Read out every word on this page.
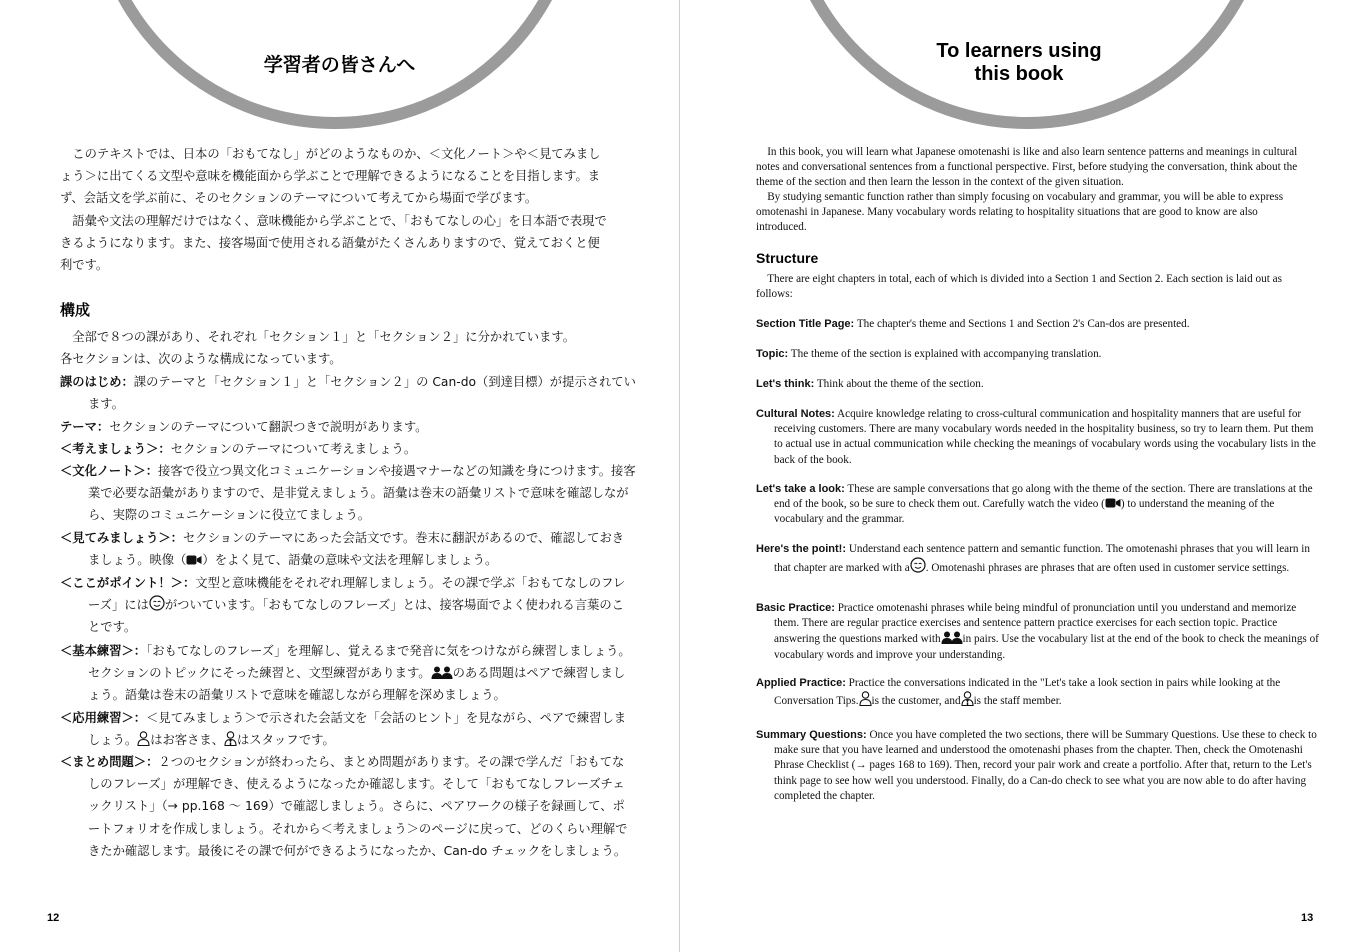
学習者の皆さんへ

このテキストでは、日本の「おもてなし」がどのようなものか、＜文化ノート＞や＜見てみましょう＞に出てくる文型や意味を機能面から学ぶことで理解できるようになることを目指します。まず、会話文を学ぶ前に、そのセクションのテーマについて考えてから場面で学びます。

語彙や文法の理解だけではなく、意味機能から学ぶことで、「おもてなしの心」を日本語で表現できるようになります。また、接客場面で使用される語彙がたくさんありますので、覚えておくと便利です。

構成

全部で８つの課があり、それぞれ「セクション１」と「セクション２」に分かれています。

各セクションは、次のような構成になっています。

課のはじめ：課のテーマと「セクション１」と「セクション２」の Can-do（到達目標）が提示されています。

テーマ：セクションのテーマについて翻訳つきで説明があります。

＜考えましょう＞：セクションのテーマについて考えましょう。

＜文化ノート＞：接客で役立つ異文化コミュニケーションや接遇マナーなどの知識を身につけます。接客業で必要な語彙がありますので、是非覚えましょう。語彙は巻末の語彙リストで意味を確認しながら、実際のコミュニケーションに役立てましょう。

＜見てみましょう＞：セクションのテーマにあった会話文です。巻末に翻訳があるので、確認しておきましょう。映像（ ）をよく見て、語彙の意味や文法を理解しましょう。

＜ここがポイント！＞：文型と意味機能をそれぞれ理解しましょう。その課で学ぶ「おもてなしのフレーズ」には がついています。「おもてなしのフレーズ」とは、接客場面でよく使われる言葉のことです。

＜基本練習＞：「おもてなしのフレーズ」を理解し、覚えるまで発音に気をつけながら練習しましょう。セクションのトピックにそった練習と、文型練習があります。 のある問題はペアで練習しましょう。語彙は巻末の語彙リストで意味を確認しながら理解を深めましょう。

＜応用練習＞：＜見てみましょう＞で示された会話文を「会話のヒント」を見ながら、ペアで練習しましょう。 はお客さま、 はスタッフです。

＜まとめ問題＞：２つのセクションが終わったら、まとめ問題があります。その課で学んだ「おもてなしのフレーズ」が理解でき、使えるようになったか確認します。そして「おもてなしフレーズチェックリスト」（→ pp.168 ～ 169）で確認しましょう。さらに、ペアワークの様子を録画して、ポートフォリオを作成しましょう。それから＜考えましょう＞のページに戻って、どのくらい理解できたか確認します。最後にその課で何ができるようになったか、Can-do チェックをしましょう。

12
To learners using
this book

In this book, you will learn what Japanese omotenashi is like and also learn sentence patterns and meanings in cultural notes and conversational sentences from a functional perspective. First, before studying the conversation, think about the theme of the section and then learn the lesson in the context of the given situation.

By studying semantic function rather than simply focusing on vocabulary and grammar, you will be able to express omotenashi in Japanese. Many vocabulary words relating to hospitality situations that are good to know are also introduced.

Structure

There are eight chapters in total, each of which is divided into a Section 1 and Section 2. Each section is laid out as follows:

Section Title Page: The chapter's theme and Sections 1 and Section 2's Can-dos are presented.

Topic: The theme of the section is explained with accompanying translation.

Let's think: Think about the theme of the section.

Cultural Notes: Acquire knowledge relating to cross-cultural communication and hospitality manners that are useful for receiving customers. There are many vocabulary words needed in the hospitality business, so try to learn them. Put them to actual use in actual communication while checking the meanings of vocabulary words using the vocabulary lists in the back of the book.

Let's take a look: These are sample conversations that go along with the theme of the section. There are translations at the end of the book, so be sure to check them out. Carefully watch the video ( ) to understand the meaning of the vocabulary and the grammar.

Here's the point!: Understand each sentence pattern and semantic function. The omotenashi phrases that you will learn in that chapter are marked with a . Omotenashi phrases are phrases that are often used in customer service settings.

Basic Practice: Practice omotenashi phrases while being mindful of pronunciation until you understand and memorize them. There are regular practice exercises and sentence pattern practice exercises for each section topic. Practice answering the questions marked with in pairs. Use the vocabulary list at the end of the book to check the meanings of vocabulary words and improve your understanding.

Applied Practice: Practice the conversations indicated in the "Let's take a look section in pairs while looking at the Conversation Tips. is the customer, and is the staff member.

Summary Questions: Once you have completed the two sections, there will be Summary Questions. Use these to check to make sure that you have learned and understood the omotenashi phases from the chapter. Then, check the Omotenashi Phrase Checklist (→ pages 168 to 169). Then, record your pair work and create a portfolio. After that, return to the Let's think page to see how well you understood. Finally, do a Can-do check to see what you are now able to do after having completed the chapter.

13
